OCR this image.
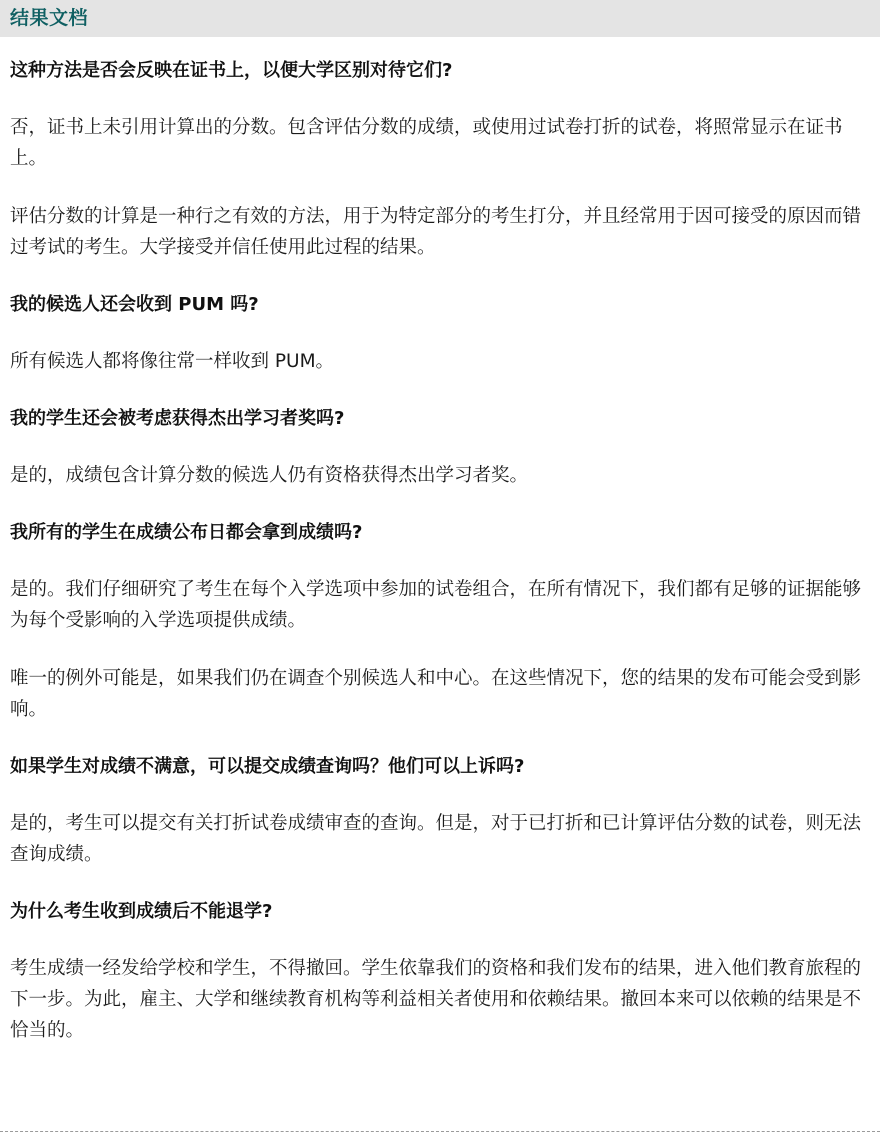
结果文档

这种方法是否会反映在证书上，以便大学区别对待它们?

否，证书上未引用计算出的分数。包含评估分数的成绩，或使用过试卷打折的试卷，将照常显示在证书上。

评估分数的计算是一种行之有效的方法，用于为特定部分的考生打分，并且经常用于因可接受的原因而错过考试的考生。大学接受并信任使用此过程的结果。

我的候选人还会收到 PUM 吗?

所有候选人都将像往常一样收到 PUM。

我的学生还会被考虑获得杰出学习者奖吗?

是的，成绩包含计算分数的候选人仍有资格获得杰出学习者奖。

我所有的学生在成绩公布日都会拿到成绩吗?

是的。我们仔细研究了考生在每个入学选项中参加的试卷组合，在所有情况下，我们都有足够的证据能够为每个受影响的入学选项提供成绩。

唯一的例外可能是，如果我们仍在调查个别候选人和中心。在这些情况下，您的结果的发布可能会受到影响。

如果学生对成绩不满意，可以提交成绩查询吗？他们可以上诉吗?

是的，考生可以提交有关打折试卷成绩审查的查询。但是，对于已打折和已计算评估分数的试卷，则无法查询成绩。

为什么考生收到成绩后不能退学?

考生成绩一经发给学校和学生，不得撤回。学生依靠我们的资格和我们发布的结果，进入他们教育旅程的下一步。为此，雇主、大学和继续教育机构等利益相关者使用和依赖结果。撤回本来可以依赖的结果是不恰当的。
